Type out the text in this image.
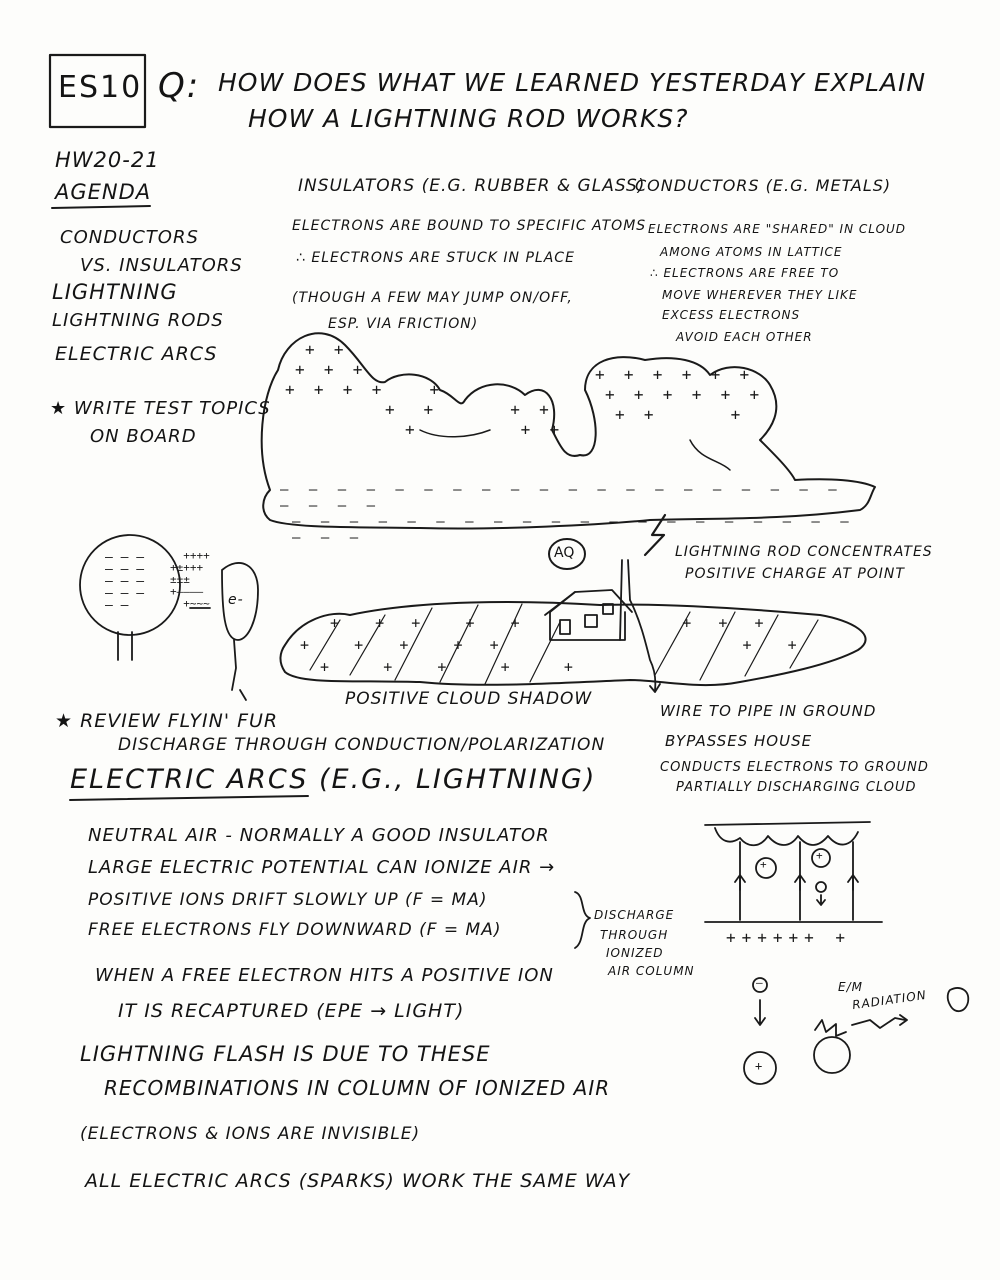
ES10 Q: HOW DOES WHAT WE LEARNED YESTERDAY EXPLAIN
HOW A LIGHTNING ROD WORKS?
HW20-21
AGENDA
CONDUCTORS
VS. INSULATORS
LIGHTNING
LIGHTNING RODS
ELECTRIC ARCS
★ WRITE TEST TOPICS
ON BOARD
INSULATORS (E.G. RUBBER & GLASS)
ELECTRONS ARE BOUND TO SPECIFIC ATOMS
∴ ELECTRONS ARE STUCK IN PLACE
(THOUGH A FEW MAY JUMP ON/OFF,
ESP. VIA FRICTION)
CONDUCTORS (E.G. METALS)
ELECTRONS ARE "SHARED" IN CLOUD
AMONG ATOMS IN LATTICE
∴ ELECTRONS ARE FREE TO
MOVE WHEREVER THEY LIKE
EXCESS ELECTRONS
AVOID EACH OTHER
+  +
+  +  +
+  +  +  +     +
+   +        +  +
+           +  +
+  +  +  +  +  +
+  +  +  +  +  +
+  +        +
– – – – – – – – – – – – – – – – – – – – – – – –
– – – – – – – – – – – – – – – – – – – – – – –
+    +   +     +    +                  +   +   +
+     +    +     +   +                           +    +
+      +     +      +      +
AQ	LIGHTNING ROD CONCENTRATES
POSITIVE CHARGE AT POINT
POSITIVE CLOUD SHADOW
WIRE TO PIPE IN GROUND
BYPASSES HOUSE
CONDUCTS ELECTRONS TO GROUND
PARTIALLY DISCHARGING CLOUD
e-
– – –
– – –
– – –
– – –
– –
++++
+±+++
±±±
+––––
+~~~
★ REVIEW FLYIN' FUR
DISCHARGE THROUGH CONDUCTION/POLARIZATION
ELECTRIC ARCS (E.G., LIGHTNING)
NEUTRAL AIR - NORMALLY A GOOD INSULATOR
LARGE ELECTRIC POTENTIAL CAN IONIZE AIR →
POSITIVE IONS DRIFT SLOWLY UP (F = MA)
FREE ELECTRONS FLY DOWNWARD (F = MA)
WHEN A FREE ELECTRON HITS A POSITIVE ION
IT IS RECAPTURED (EPE → LIGHT)
LIGHTNING FLASH IS DUE TO THESE
RECOMBINATIONS IN COLUMN OF IONIZED AIR
(ELECTRONS & IONS ARE INVISIBLE)
ALL ELECTRIC ARCS (SPARKS) WORK THE SAME WAY
DISCHARGE
THROUGH
IONIZED
AIR COLUMN
++++++ +
+
+
+
–	E/M
RADIATION
